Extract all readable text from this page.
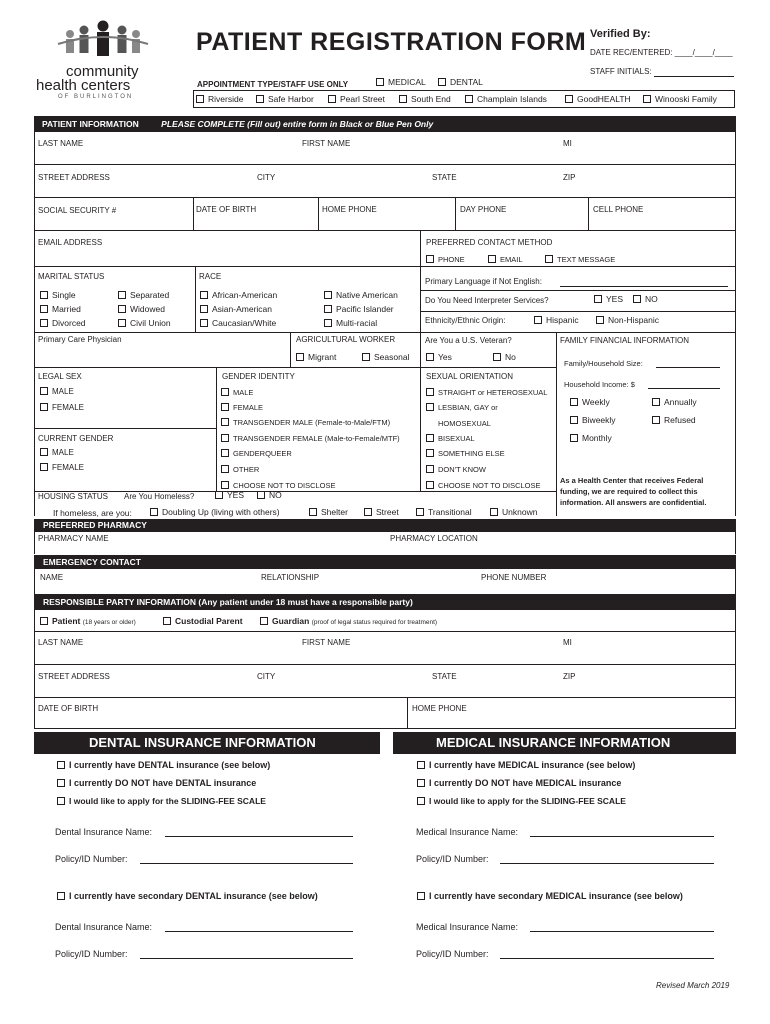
community
health centers
OF BURLINGTON
PATIENT REGISTRATION FORM Verified By:
DATE REC/ENTERED: ____/____/____
STAFF INITIALS:
APPOINTMENT TYPE/STAFF USE ONLY	MEDICAL	DENTAL
Riverside	Safe Harbor	Pearl Street	South End	Champlain Islands	GoodHEALTH	Winooski Family
PATIENT INFORMATION	PLEASE COMPLETE (Fill out) entire form in Black or Blue Pen Only
LAST NAME	FIRST NAME	MI
STREET ADDRESS	CITY	STATE	ZIP
SOCIAL SECURITY #	DATE OF BIRTH	HOME PHONE	DAY PHONE	CELL PHONE
EMAIL ADDRESS	PREFERRED CONTACT METHOD
PHONE	EMAIL	TEXT MESSAGE
MARITAL STATUS
Single	Separated
Married	Widowed
Divorced	Civil Union
RACE
African-American	Native American
Asian-American	Pacific Islander
Caucasian/White	Multi-racial
Primary Language if Not English:
Do You Need Interpreter Services?	YES	NO
Ethnicity/Ethnic Origin:	Hispanic	Non-Hispanic
Primary Care Physician	AGRICULTURAL WORKER
Migrant	Seasonal
Are You a U.S. Veteran?
Yes	No
FAMILY FINANCIAL INFORMATION
Family/Household Size:
Household Income: $
Weekly	Annually
Biweekly	Refused
Monthly
As a Health Center that receives Federal funding, we are required to collect this information. All answers are confidential.
LEGAL SEX
MALE
FEMALE
CURRENT GENDER
MALE
FEMALE
GENDER IDENTITY
MALE
FEMALE
TRANSGENDER MALE (Female-to-Male/FTM)
TRANSGENDER FEMALE (Male-to-Female/MTF)
GENDERQUEER
OTHER
CHOOSE NOT TO DISCLOSE
SEXUAL ORIENTATION
STRAIGHT or HETEROSEXUAL
LESBIAN, GAY or
HOMOSEXUAL
BISEXUAL
SOMETHING ELSE
DON'T KNOW
CHOOSE NOT TO DISCLOSE
HOUSING STATUS Are You Homeless?	YES	NO
If homeless, are you:	Doubling Up (living with others)	Shelter	Street	Transitional	Unknown
PREFERRED PHARMACY
PHARMACY NAME	PHARMACY LOCATION
EMERGENCY CONTACT
NAME	RELATIONSHIP	PHONE NUMBER
RESPONSIBLE PARTY INFORMATION (Any patient under 18 must have a responsible party)
Patient (18 years or older)	Custodial Parent	Guardian (proof of legal status required for treatment)
LAST NAME	FIRST NAME	MI
STREET ADDRESS	CITY	STATE	ZIP
DATE OF BIRTH	HOME PHONE
DENTAL INSURANCE INFORMATION
I currently have DENTAL insurance (see below)
I currently DO NOT have DENTAL insurance
I would like to apply for the SLIDING-FEE SCALE
Dental Insurance Name:
Policy/ID Number:
I currently have secondary DENTAL insurance (see below)
Dental Insurance Name:
Policy/ID Number:
MEDICAL INSURANCE INFORMATION
I currently have MEDICAL insurance (see below)
I currently DO NOT have MEDICAL insurance
I would like to apply for the SLIDING-FEE SCALE
Medical Insurance Name:
Policy/ID Number:
I currently have secondary MEDICAL insurance (see below)
Medical Insurance Name:
Policy/ID Number:
Revised March 2019
